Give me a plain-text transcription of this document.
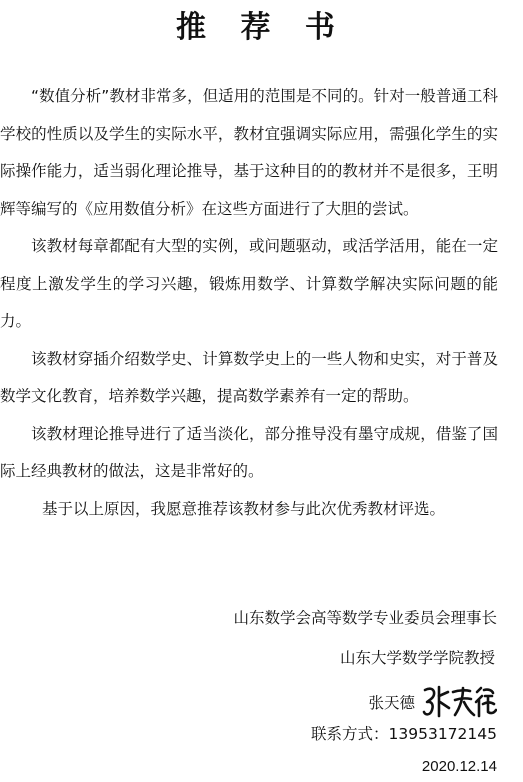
推 荐 书

“数值分析”教材非常多，但适用的范围是不同的。针对一般普通工科学校的性质以及学生的实际水平，教材宜强调实际应用，需强化学生的实际操作能力，适当弱化理论推导，基于这种目的的教材并不是很多，王明辉等编写的《应用数值分析》在这些方面进行了大胆的尝试。

该教材每章都配有大型的实例，或问题驱动，或活学活用，能在一定程度上激发学生的学习兴趣，锻炼用数学、计算数学解决实际问题的能力。

该教材穿插介绍数学史、计算数学史上的一些人物和史实，对于普及数学文化教育，培养数学兴趣，提高数学素养有一定的帮助。

该教材理论推导进行了适当淡化，部分推导没有墨守成规，借鉴了国际上经典教材的做法，这是非常好的。

基于以上原因，我愿意推荐该教材参与此次优秀教材评选。

山东数学会高等数学专业委员会理事长
山东大学数学学院教授
张天德
联系方式：13953172145
2020.12.14
